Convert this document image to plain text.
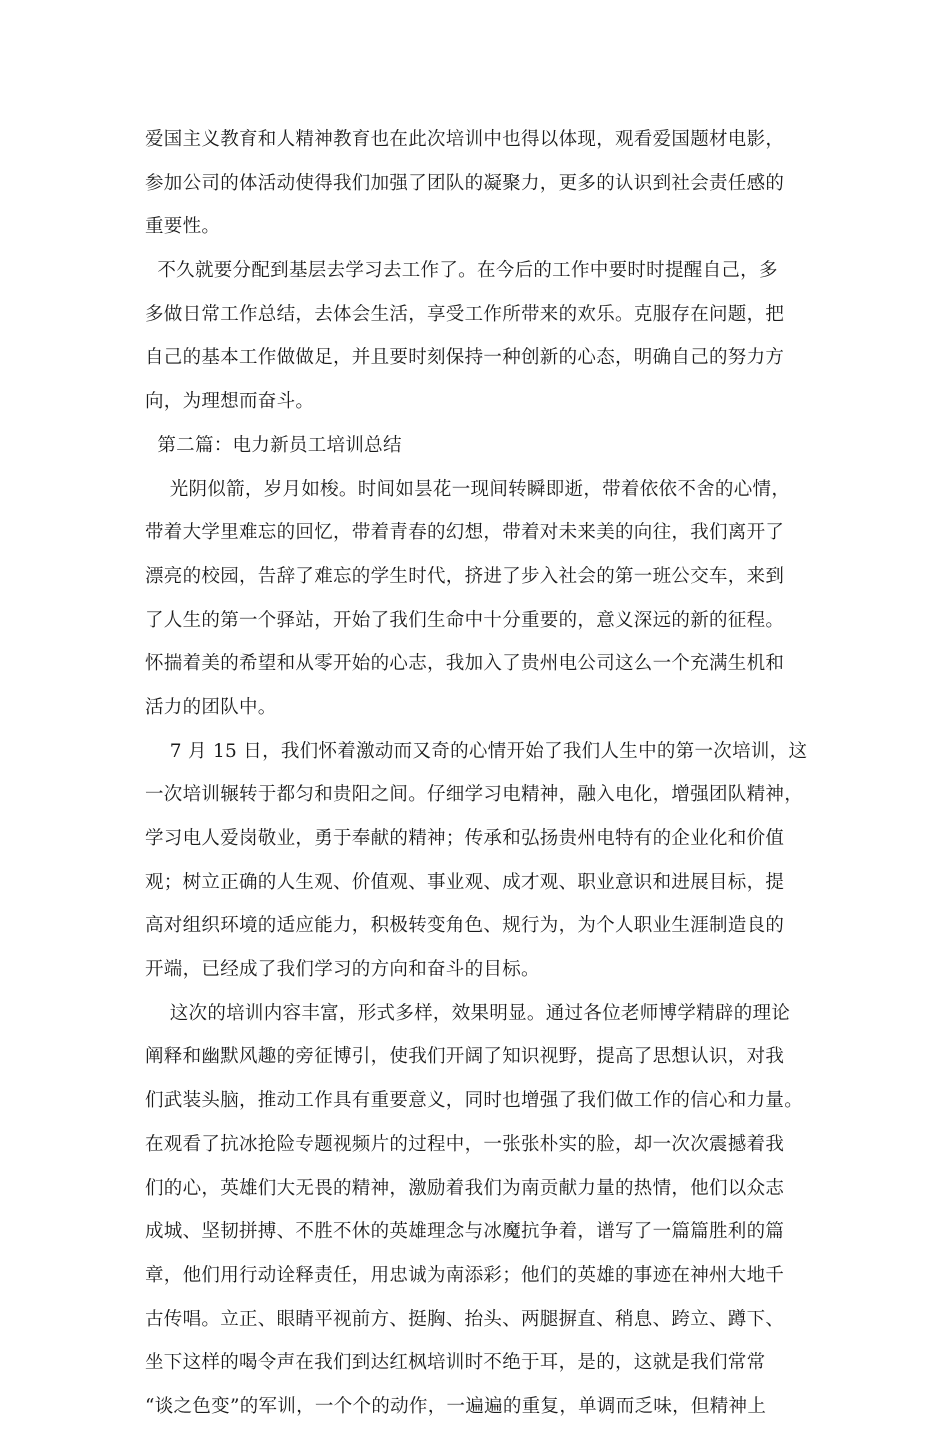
爱国主义教育和人精神教育也在此次培训中也得以体现，观看爱国题材电影，
参加公司的体活动使得我们加强了团队的凝聚力，更多的认识到社会责任感的
重要性。
不久就要分配到基层去学习去工作了。在今后的工作中要时时提醒自己，多
多做日常工作总结，去体会生活，享受工作所带来的欢乐。克服存在问题，把
自己的基本工作做做足，并且要时刻保持一种创新的心态，明确自己的努力方
向，为理想而奋斗。
第二篇：电力新员工培训总结
光阴似箭，岁月如梭。时间如昙花一现间转瞬即逝，带着依依不舍的心情，
带着大学里难忘的回忆，带着青春的幻想，带着对未来美的向往，我们离开了
漂亮的校园，告辞了难忘的学生时代，挤进了步入社会的第一班公交车，来到
了人生的第一个驿站，开始了我们生命中十分重要的，意义深远的新的征程。
怀揣着美的希望和从零开始的心志，我加入了贵州电公司这么一个充满生机和
活力的团队中。
7 月 15 日，我们怀着激动而又奇的心情开始了我们人生中的第一次培训，这
一次培训辗转于都匀和贵阳之间。仔细学习电精神，融入电化，增强团队精神，
学习电人爱岗敬业，勇于奉献的精神；传承和弘扬贵州电特有的企业化和价值
观；树立正确的人生观、价值观、事业观、成才观、职业意识和进展目标，提
高对组织环境的适应能力，积极转变角色、规行为，为个人职业生涯制造良的
开端，已经成了我们学习的方向和奋斗的目标。
这次的培训内容丰富，形式多样，效果明显。通过各位老师博学精辟的理论
阐释和幽默风趣的旁征博引，使我们开阔了知识视野，提高了思想认识，对我
们武装头脑，推动工作具有重要意义，同时也增强了我们做工作的信心和力量。
在观看了抗冰抢险专题视频片的过程中，一张张朴实的脸，却一次次震撼着我
们的心，英雄们大无畏的精神，激励着我们为南贡献力量的热情，他们以众志
成城、坚韧拼搏、不胜不休的英雄理念与冰魔抗争着，谱写了一篇篇胜利的篇
章，他们用行动诠释责任，用忠诚为南添彩；他们的英雄的事迹在神州大地千
古传唱。立正、眼睛平视前方、挺胸、抬头、两腿摒直、稍息、跨立、蹲下、
坐下这样的喝令声在我们到达红枫培训时不绝于耳，是的，这就是我们常常
“谈之色变”的军训，一个个的动作，一遍遍的重复，单调而乏味，但精神上
